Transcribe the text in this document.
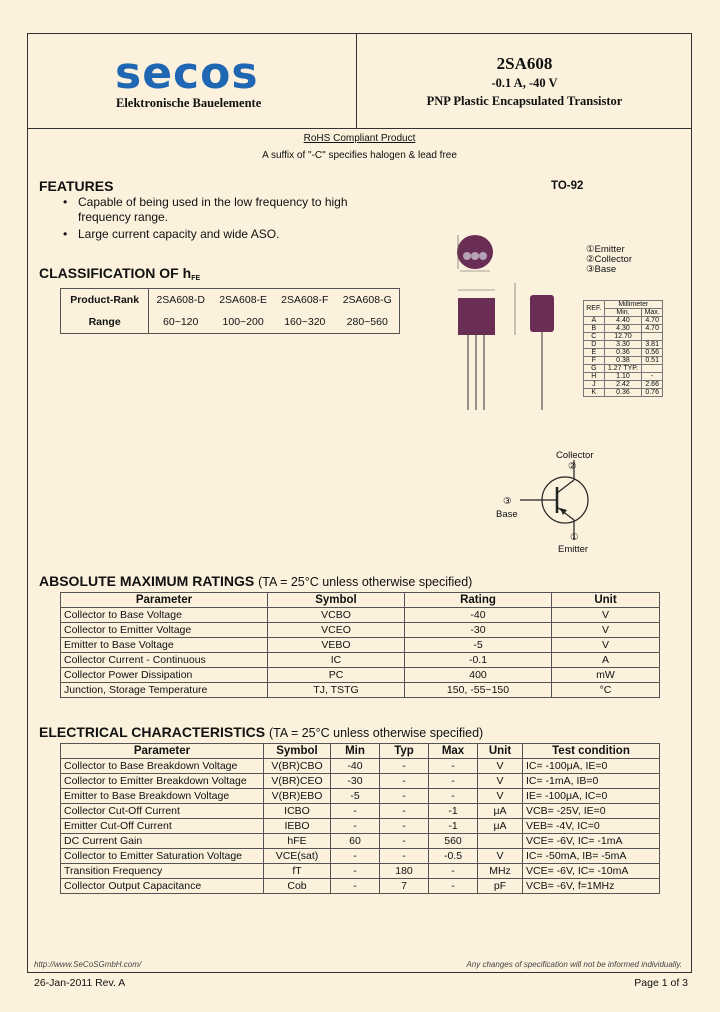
secos
Elektronische Bauelemente
2SA608
-0.1 A, -40 V
PNP Plastic Encapsulated Transistor
RoHS Compliant Product
A suffix of "-C" specifies halogen & lead free
FEATURES
• Capable of being used in the low frequency to high frequency range.
• Large current capacity and wide ASO.
TO-92
①Emitter
②Collector
③Base
REF.	Millimeter	
	Min.	Max.
A	4.40	4.70
B	4.30	4.70
C	12.70	
D	3.30	3.81
E	0.36	0.56
F	0.38	0.51
G	1.27 TYP.	
H	1.10	-
J	2.42	2.66
K	0.36	0.76
Collector
②
③
Base
①
Emitter
CLASSIFICATION OF $h_{FE}$
Product-Rank	2SA608-D	2SA608-E	2SA608-F	2SA608-G
Range	60~120	100~200	160~320	280~560
ABSOLUTE MAXIMUM RATINGS (TA = 25°C unless otherwise specified)
Parameter	Symbol	Rating	Unit
Collector to Base Voltage	VCBO	-40	V
Collector to Emitter Voltage	VCEO	-30	V
Emitter to Base Voltage	VEBO	-5	V
Collector Current - Continuous	IC	-0.1	A
Collector Power Dissipation	PC	400	mW
Junction, Storage Temperature	TJ, TSTG	150, -55~150	°C
ELECTRICAL CHARACTERISTICS (TA = 25°C unless otherwise specified)
Parameter	Symbol	Min	Typ	Max	Unit	Test condition
Collector to Base Breakdown Voltage	V(BR)CBO	-40	-	-	V	IC= -100μA, IE=0
Collector to Emitter Breakdown Voltage	V(BR)CEO	-30	-	-	V	IC= -1mA, IB=0
Emitter to Base Breakdown Voltage	V(BR)EBO	-5	-	-	V	IE= -100μA, IC=0
Collector Cut-Off Current	ICBO	-	-	-1	μA	VCB= -25V, IE=0
Emitter Cut-Off Current	IEBO	-	-	-1	μA	VEB= -4V, IC=0
DC Current Gain	hFE	60	-	560		VCE= -6V, IC= -1mA
Collector to Emitter Saturation Voltage	VCE(sat)	-	-	-0.5	V	IC= -50mA, IB= -5mA
Transition Frequency	fT	-	180	-	MHz	VCE= -6V, IC= -10mA
Collector Output Capacitance	Cob	-	7	-	pF	VCB= -6V, f=1MHz
http://www.SeCoSGmbH.com/	Any changes of specification will not be informed individually.
26-Jan-2011 Rev. A	Page 1 of 3
